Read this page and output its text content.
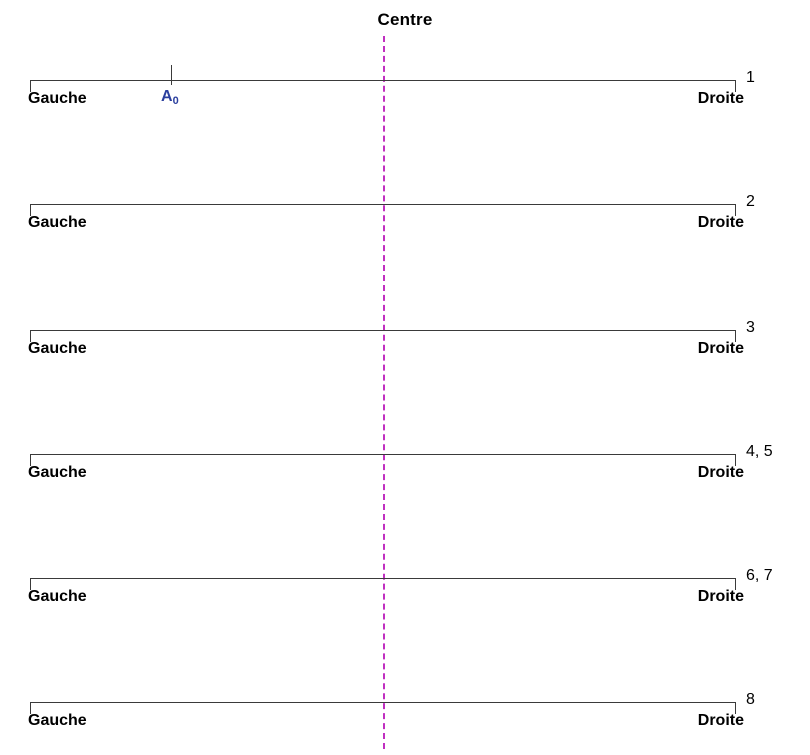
Centre
Gauche	Droite
1
$A_0$
Gauche	Droite
2
Gauche	Droite
3
Gauche	Droite
4, 5
Gauche	Droite
6, 7
Gauche	Droite
8
